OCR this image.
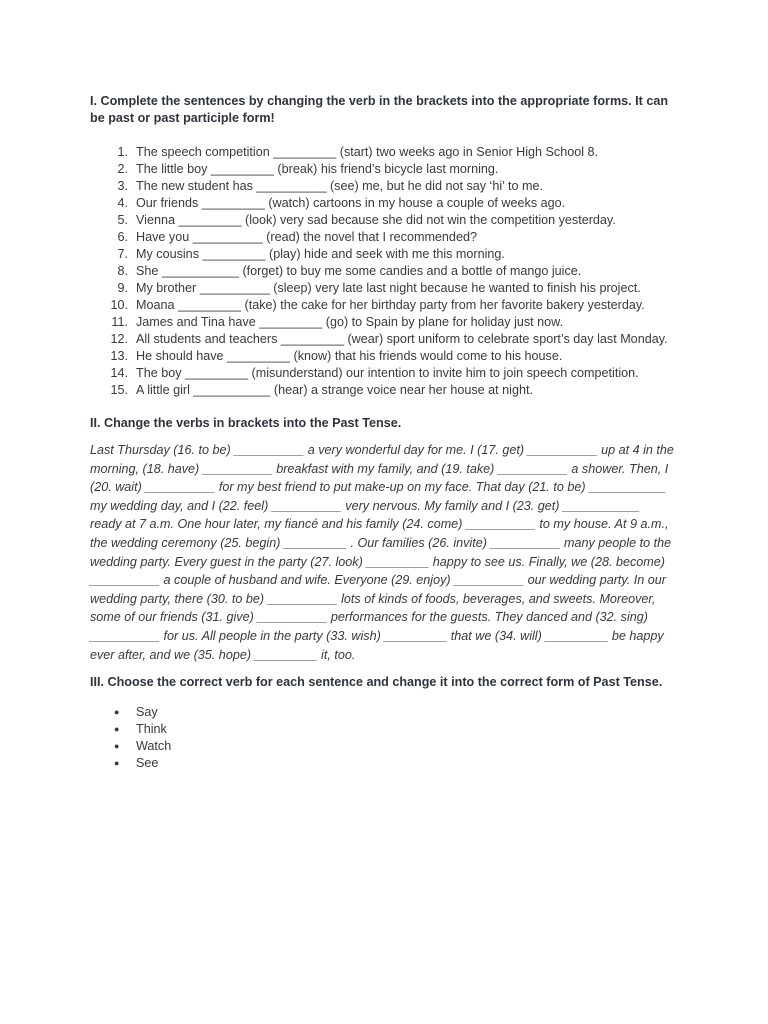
I. Complete the sentences by changing the verb in the brackets into the appropriate forms. It can be past or past participle form!

1. The speech competition _________ (start) two weeks ago in Senior High School 8.
2. The little boy _________ (break) his friend’s bicycle last morning.
3. The new student has __________ (see) me, but he did not say ‘hi’ to me.
4. Our friends _________ (watch) cartoons in my house a couple of weeks ago.
5. Vienna _________ (look) very sad because she did not win the competition yesterday.
6. Have you __________ (read) the novel that I recommended?
7. My cousins _________ (play) hide and seek with me this morning.
8. She ___________ (forget) to buy me some candies and a bottle of mango juice.
9. My brother __________ (sleep) very late last night because he wanted to finish his project.
10. Moana _________ (take) the cake for her birthday party from her favorite bakery yesterday.
11. James and Tina have _________ (go) to Spain by plane for holiday just now.
12. All students and teachers _________ (wear) sport uniform to celebrate sport’s day last Monday.
13. He should have _________ (know) that his friends would come to his house.
14. The boy _________ (misunderstand) our intention to invite him to join speech competition.
15. A little girl ___________ (hear) a strange voice near her house at night.

II. Change the verbs in brackets into the Past Tense.

Last Thursday (16. to be) __________ a very wonderful day for me. I (17. get) __________ up at 4 in the morning, (18. have) __________ breakfast with my family, and (19. take) __________ a shower. Then, I (20. wait) __________ for my best friend to put make-up on my face. That day (21. to be) ___________ my wedding day, and I (22. feel) __________ very nervous. My family and I (23. get) ___________ ready at 7 a.m. One hour later, my fiancé and his family (24. come) __________ to my house. At 9 a.m., the wedding ceremony (25. begin) _________ . Our families (26. invite) __________ many people to the wedding party. Every guest in the party (27. look) _________ happy to see us. Finally, we (28. become) __________ a couple of husband and wife. Everyone (29. enjoy) __________ our wedding party. In our wedding party, there (30. to be) __________ lots of kinds of foods, beverages, and sweets. Moreover, some of our friends (31. give) __________ performances for the guests. They danced and (32. sing) __________ for us. All people in the party (33. wish) _________ that we (34. will) _________ be happy ever after, and we (35. hope) _________ it, too.

III. Choose the correct verb for each sentence and change it into the correct form of Past Tense.

● Say
● Think
● Watch
● See
